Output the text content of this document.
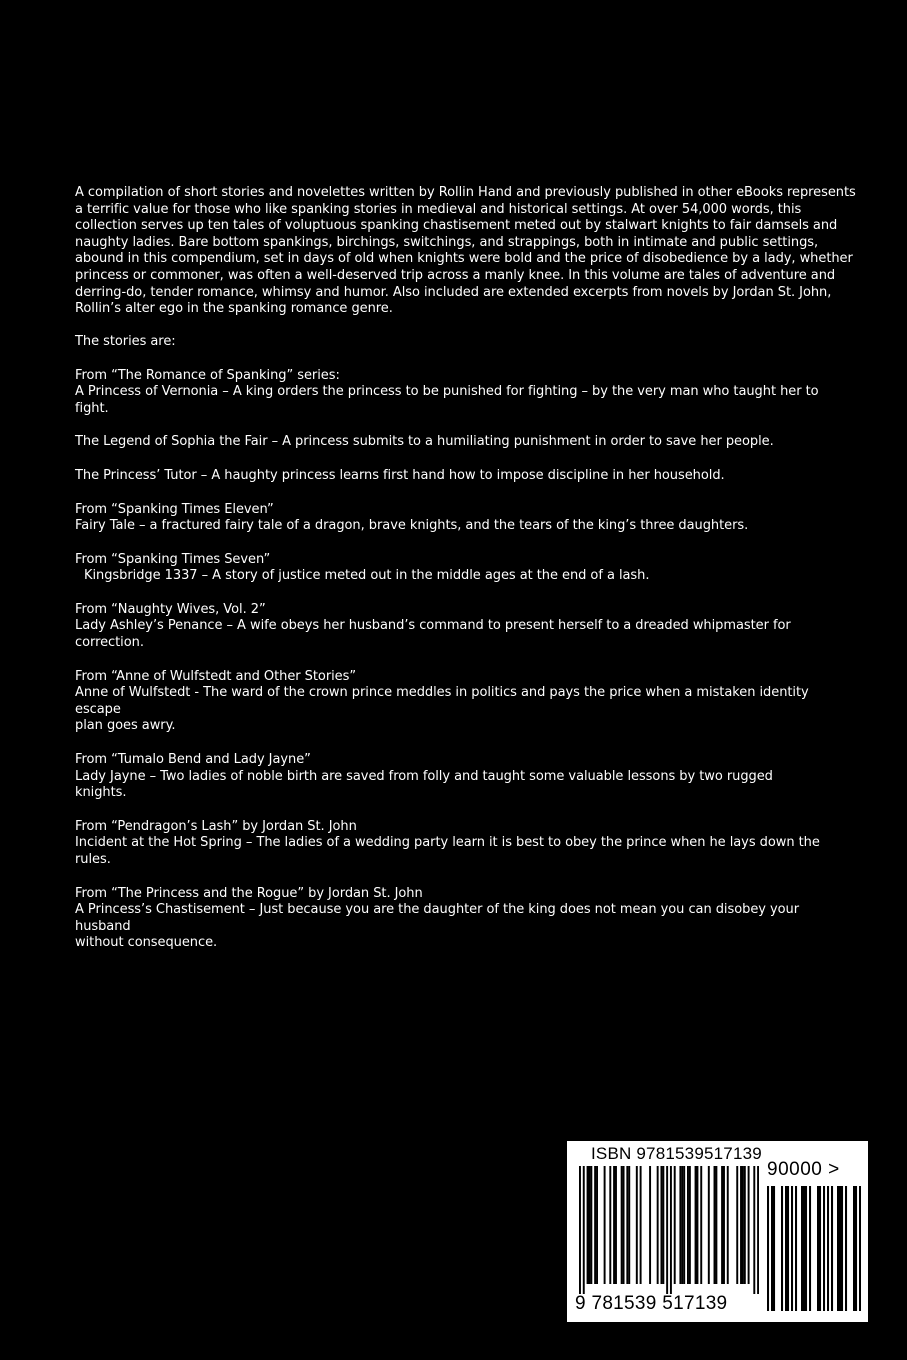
A compilation of short stories and novelettes written by Rollin Hand and previously published in other eBooks represents
a terrific value for those who like spanking stories in medieval and historical settings. At over 54,000 words, this
collection serves up ten tales of voluptuous spanking chastisement meted out by stalwart knights to fair damsels and
naughty ladies. Bare bottom spankings, birchings, switchings, and strappings, both in intimate and public settings,
abound in this compendium, set in days of old when knights were bold and the price of disobedience by a lady, whether
princess or commoner, was often a well-deserved trip across a manly knee. In this volume are tales of adventure and
derring-do, tender romance, whimsy and humor. Also included are extended excerpts from novels by Jordan St. John,
Rollin’s alter ego in the spanking romance genre.

The stories are:

From “The Romance of Spanking” series:
A Princess of Vernonia – A king orders the princess to be punished for fighting – by the very man who taught her to fight.
The Legend of Sophia the Fair – A princess submits to a humiliating punishment in order to save her people.
The Princess’ Tutor – A haughty princess learns first hand how to impose discipline in her household.
From “Spanking Times Eleven”
Fairy Tale – a fractured fairy tale of a dragon, brave knights, and the tears of the king’s three daughters.
From “Spanking Times Seven”
Kingsbridge 1337 – A story of justice meted out in the middle ages at the end of a lash.
From “Naughty Wives, Vol. 2”
Lady Ashley’s Penance – A wife obeys her husband’s command to present herself to a dreaded whipmaster for correction.
From “Anne of Wulfstedt and Other Stories”
Anne of Wulfstedt - The ward of the crown prince meddles in politics and pays the price when a mistaken identity escape
plan goes awry.
From “Tumalo Bend and Lady Jayne”
Lady Jayne – Two ladies of noble birth are saved from folly and taught some valuable lessons by two rugged knights.
From “Pendragon’s Lash” by Jordan St. John
Incident at the Hot Spring – The ladies of a wedding party learn it is best to obey the prince when he lays down the rules.
From “The Princess and the Rogue” by Jordan St. John
A Princess’s Chastisement – Just because you are the daughter of the king does not mean you can disobey your husband
without consequence.
ISBN 9781539517139
90000 >
9 781539 517139
